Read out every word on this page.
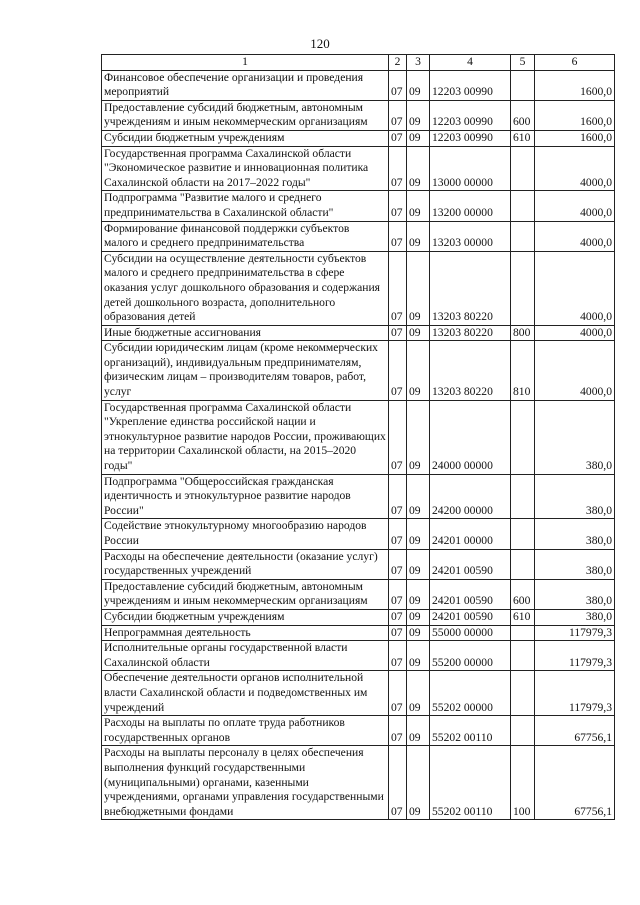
120
1	2	3	4	5	6
Финансовое обеспечение организации и проведения мероприятий	07	09	12203 00990		1600,0
Предоставление субсидий бюджетным, автономным учреждениям и иным некоммерческим организациям	07	09	12203 00990	600	1600,0
Субсидии бюджетным учреждениям	07	09	12203 00990	610	1600,0
Государственная программа Сахалинской области "Экономическое развитие и инновационная политика Сахалинской области на 2017–2022 годы"	07	09	13000 00000		4000,0
Подпрограмма "Развитие малого и среднего предпринимательства в Сахалинской области"	07	09	13200 00000		4000,0
Формирование финансовой поддержки субъектов малого и среднего предпринимательства	07	09	13203 00000		4000,0
Субсидии на осуществление деятельности субъектов малого и среднего предпринимательства в сфере оказания услуг дошкольного образования и содержания детей дошкольного возраста, дополнительного образования детей	07	09	13203 80220		4000,0
Иные бюджетные ассигнования	07	09	13203 80220	800	4000,0
Субсидии юридическим лицам (кроме некоммерческих организаций), индивидуальным предпринимателям, физическим лицам – производителям товаров, работ, услуг	07	09	13203 80220	810	4000,0
Государственная программа Сахалинской области "Укрепление единства российской нации и этнокультурное развитие народов России, проживающих на территории Сахалинской области, на 2015–2020 годы"	07	09	24000 00000		380,0
Подпрограмма "Общероссийская гражданская идентичность и этнокультурное развитие народов России"	07	09	24200 00000		380,0
Содействие этнокультурному многообразию народов России	07	09	24201 00000		380,0
Расходы на обеспечение деятельности (оказание услуг) государственных учреждений	07	09	24201 00590		380,0
Предоставление субсидий бюджетным, автономным учреждениям и иным некоммерческим организациям	07	09	24201 00590	600	380,0
Субсидии бюджетным учреждениям	07	09	24201 00590	610	380,0
Непрограммная деятельность	07	09	55000 00000		117979,3
Исполнительные органы государственной власти Сахалинской области	07	09	55200 00000		117979,3
Обеспечение деятельности органов исполнительной власти Сахалинской области и подведомственных им учреждений	07	09	55202 00000		117979,3
Расходы на выплаты по оплате труда работников государственных органов	07	09	55202 00110		67756,1
Расходы на выплаты персоналу в целях обеспечения выполнения функций государственными (муниципальными) органами, казенными учреждениями, органами управления государственными внебюджетными фондами	07	09	55202 00110	100	67756,1
